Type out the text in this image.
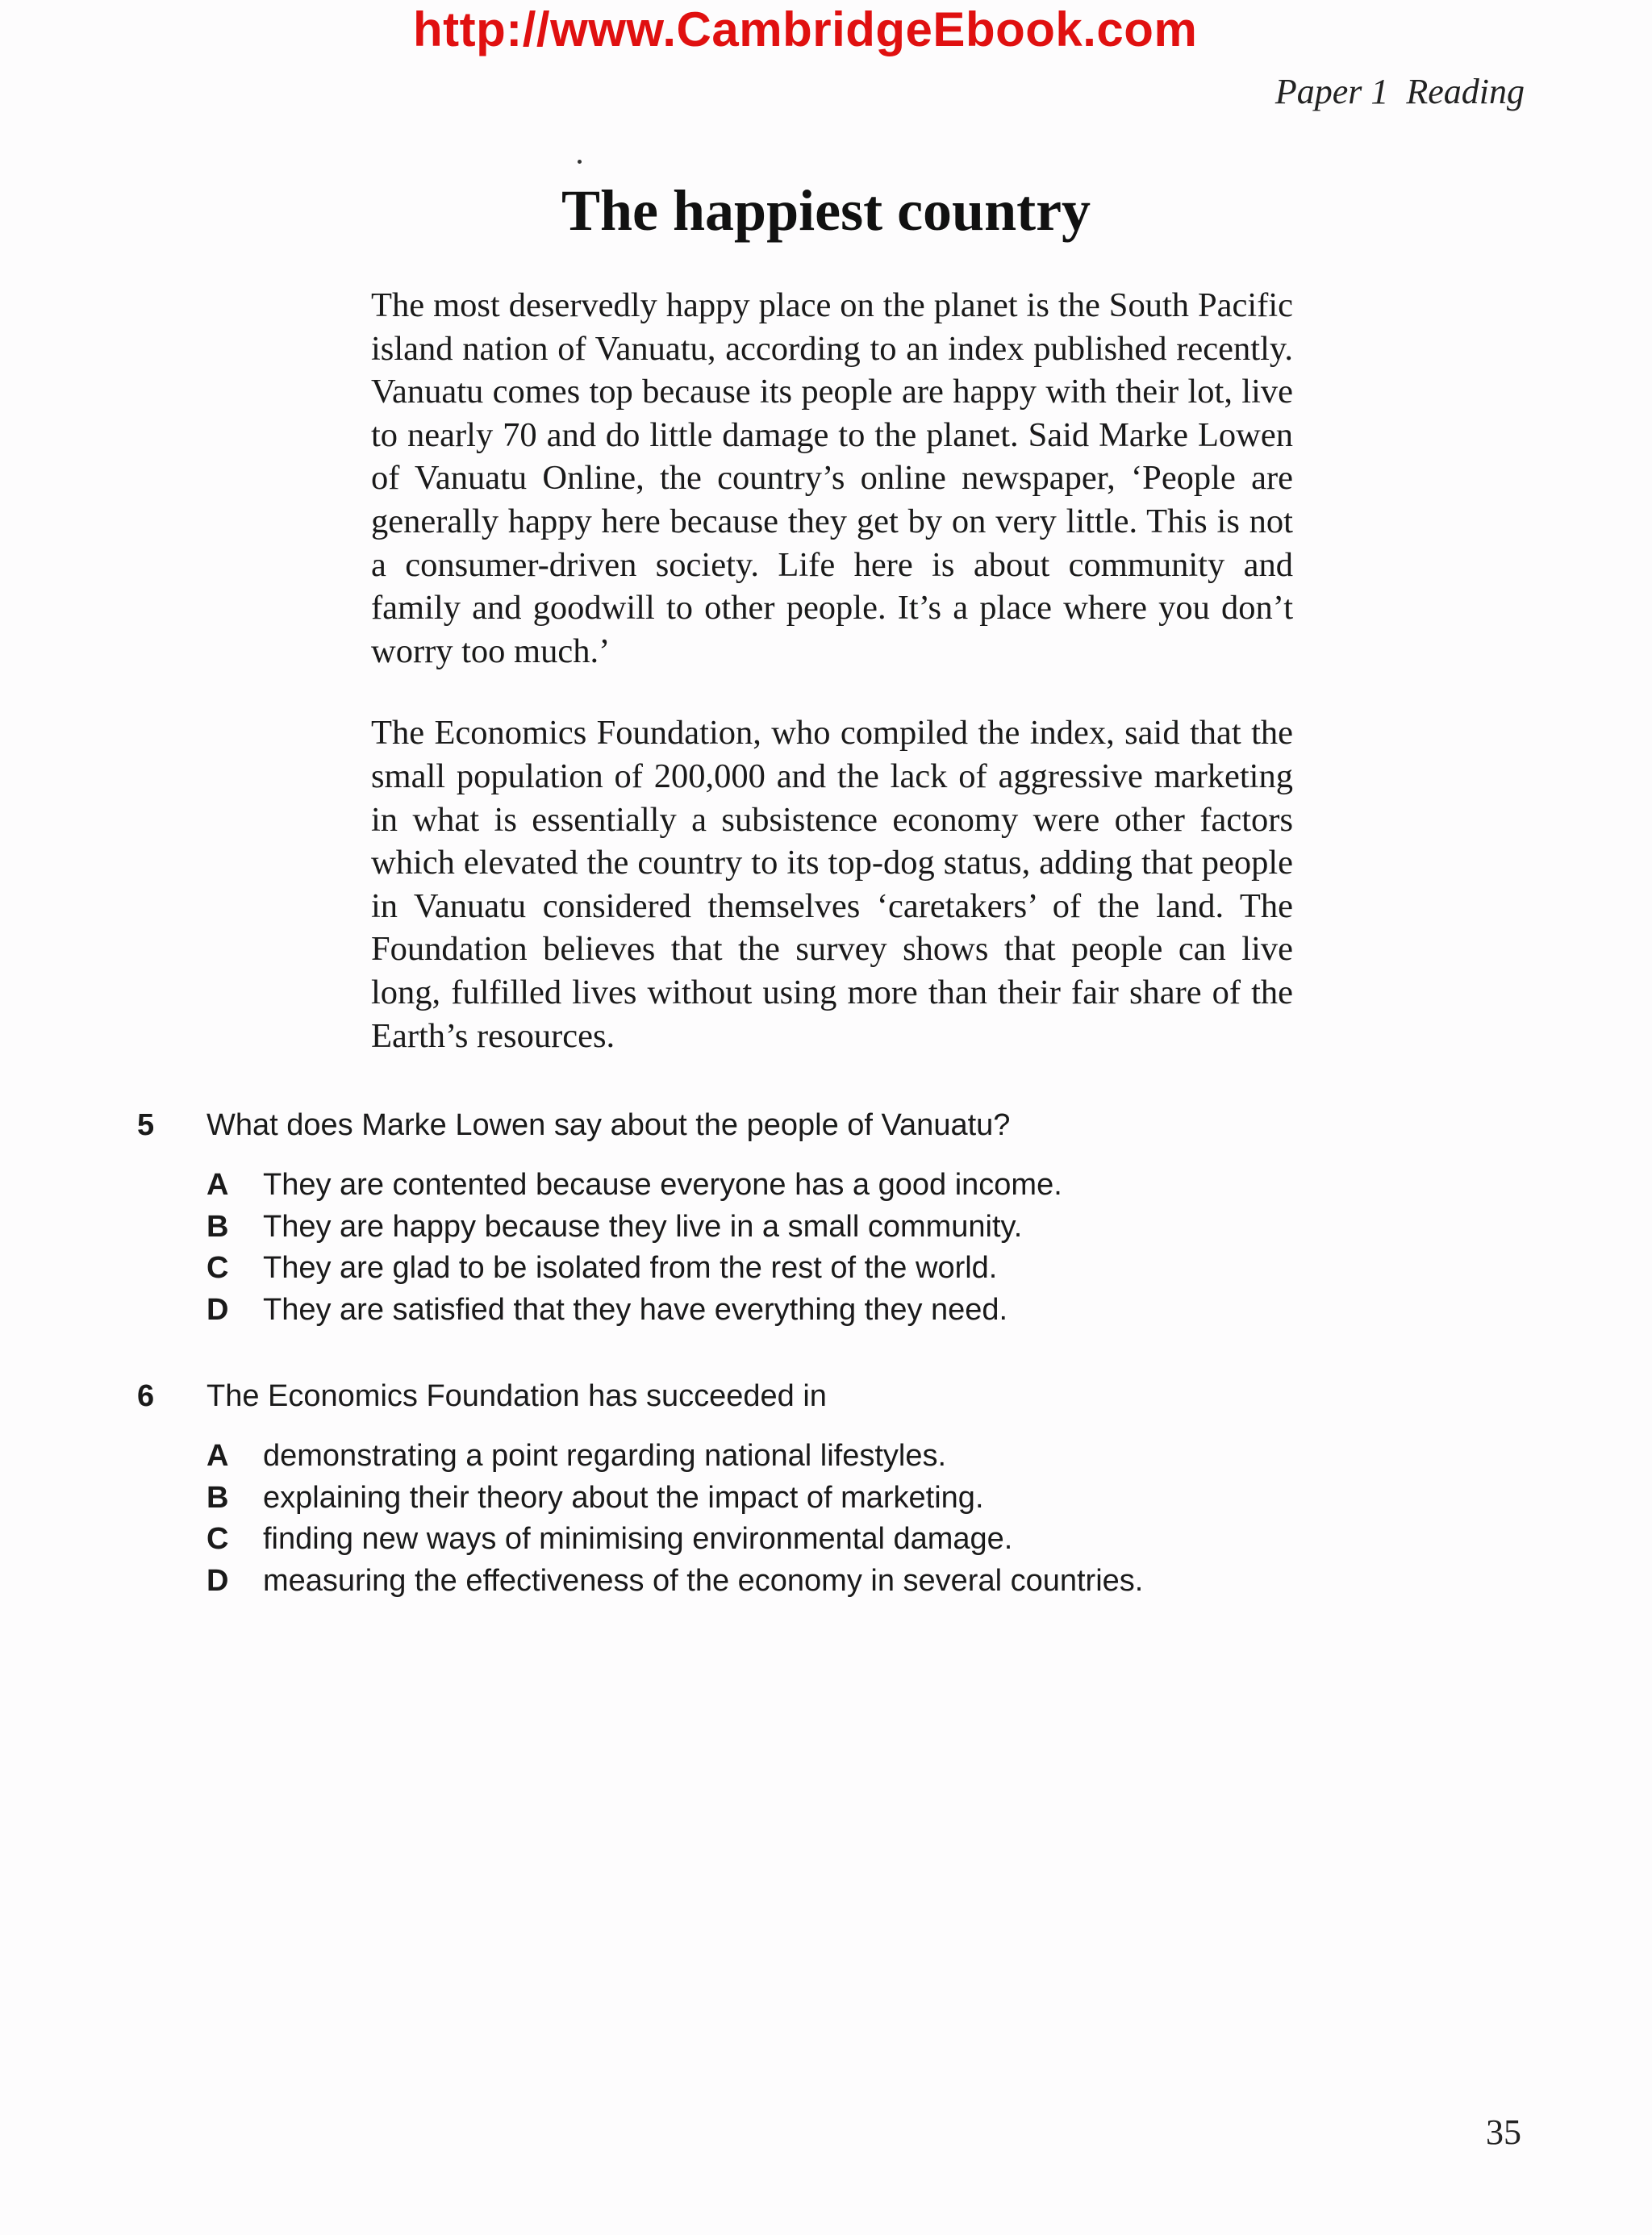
http://www.CambridgeEbook.com
Paper 1  Reading
The happiest country

The most deservedly happy place on the planet is the South Pacific island nation of Vanuatu, according to an index published recently. Vanuatu comes top because its people are happy with their lot, live to nearly 70 and do little damage to the planet. Said Marke Lowen of Vanuatu Online, the country’s online newspaper, ‘People are generally happy here because they get by on very little. This is not a consumer-driven society. Life here is about community and family and goodwill to other people. It’s a place where you don’t worry too much.’

The Economics Foundation, who compiled the index, said that the small population of 200,000 and the lack of aggressive marketing in what is essentially a subsistence economy were other factors which elevated the country to its top-dog status, adding that people in Vanuatu considered themselves ‘caretakers’ of the land. The Foundation believes that the survey shows that people can live long, fulfilled lives without using more than their fair share of the Earth’s resources.

5 What does Marke Lowen say about the people of Vanuatu?
A They are contented because everyone has a good income.
B They are happy because they live in a small community.
C They are glad to be isolated from the rest of the world.
D They are satisfied that they have everything they need.
6 The Economics Foundation has succeeded in
A demonstrating a point regarding national lifestyles.
B explaining their theory about the impact of marketing.
C finding new ways of minimising environmental damage.
D measuring the effectiveness of the economy in several countries.
35
